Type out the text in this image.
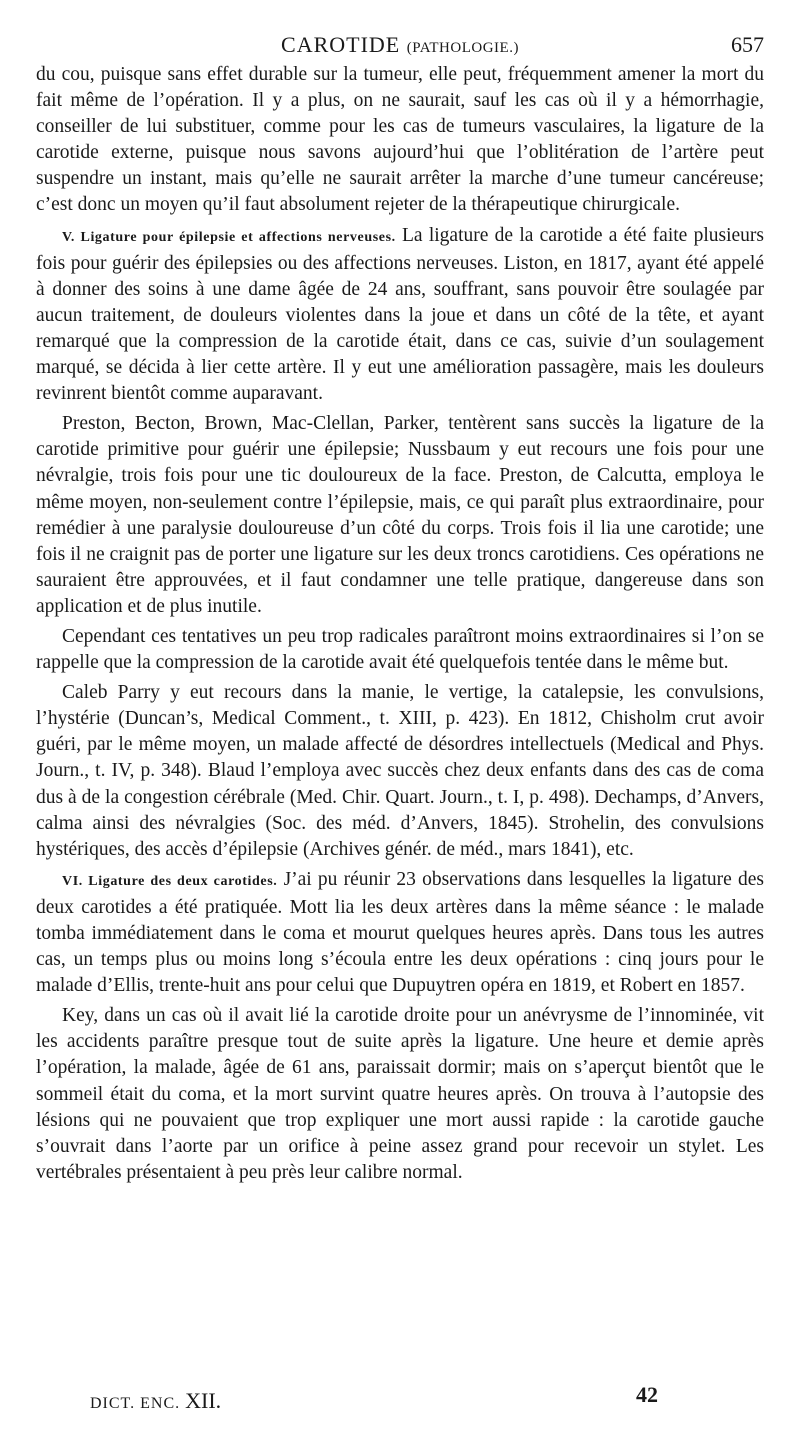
CAROTIDE (PATHOLOGIE.)	657

du cou, puisque sans effet durable sur la tumeur, elle peut, fréquemment amener la mort du fait même de l’opération. Il y a plus, on ne saurait, sauf les cas où il y a hémorrhagie, conseiller de lui substituer, comme pour les cas de tumeurs vasculaires, la ligature de la carotide externe, puisque nous savons aujourd’hui que l’oblitération de l’artère peut suspendre un instant, mais qu’elle ne saurait arrêter la marche d’une tumeur cancéreuse; c’est donc un moyen qu’il faut absolument rejeter de la thérapeutique chirurgicale.

V. Ligature pour épilepsie et affections nerveuses. La ligature de la carotide a été faite plusieurs fois pour guérir des épilepsies ou des affections nerveuses. Liston, en 1817, ayant été appelé à donner des soins à une dame âgée de 24 ans, souffrant, sans pouvoir être soulagée par aucun traitement, de douleurs violentes dans la joue et dans un côté de la tête, et ayant remarqué que la compression de la carotide était, dans ce cas, suivie d’un soulagement marqué, se décida à lier cette artère. Il y eut une amélioration passagère, mais les douleurs revinrent bientôt comme auparavant.

Preston, Becton, Brown, Mac-Clellan, Parker, tentèrent sans succès la ligature de la carotide primitive pour guérir une épilepsie; Nussbaum y eut recours une fois pour une névralgie, trois fois pour une tic douloureux de la face. Preston, de Calcutta, employa le même moyen, non-seulement contre l’épilepsie, mais, ce qui paraît plus extraordinaire, pour remédier à une paralysie douloureuse d’un côté du corps. Trois fois il lia une carotide; une fois il ne craignit pas de porter une ligature sur les deux troncs carotidiens. Ces opérations ne sauraient être approuvées, et il faut condamner une telle pratique, dangereuse dans son application et de plus inutile.

Cependant ces tentatives un peu trop radicales paraîtront moins extraordinaires si l’on se rappelle que la compression de la carotide avait été quelquefois tentée dans le même but.

Caleb Parry y eut recours dans la manie, le vertige, la catalepsie, les convulsions, l’hystérie (Duncan’s, Medical Comment., t. XIII, p. 423). En 1812, Chisholm crut avoir guéri, par le même moyen, un malade affecté de désordres intellectuels (Medical and Phys. Journ., t. IV, p. 348). Blaud l’employa avec succès chez deux enfants dans des cas de coma dus à de la congestion cérébrale (Med. Chir. Quart. Journ., t. I, p. 498). Dechamps, d’Anvers, calma ainsi des névralgies (Soc. des méd. d’Anvers, 1845). Strohelin, des convulsions hystériques, des accès d’épilepsie (Archives génér. de méd., mars 1841), etc.

VI. Ligature des deux carotides. J’ai pu réunir 23 observations dans lesquelles la ligature des deux carotides a été pratiquée. Mott lia les deux artères dans la même séance : le malade tomba immédiatement dans le coma et mourut quelques heures après. Dans tous les autres cas, un temps plus ou moins long s’écoula entre les deux opérations : cinq jours pour le malade d’Ellis, trente-huit ans pour celui que Dupuytren opéra en 1819, et Robert en 1857.

Key, dans un cas où il avait lié la carotide droite pour un anévrysme de l’innominée, vit les accidents paraître presque tout de suite après la ligature. Une heure et demie après l’opération, la malade, âgée de 61 ans, paraissait dormir; mais on s’aperçut bientôt que le sommeil était du coma, et la mort survint quatre heures après. On trouva à l’autopsie des lésions qui ne pouvaient que trop expliquer une mort aussi rapide : la carotide gauche s’ouvrait dans l’aorte par un orifice à peine assez grand pour recevoir un stylet. Les vertébrales présentaient à peu près leur calibre normal.

DICT. ENC. XII.	42
